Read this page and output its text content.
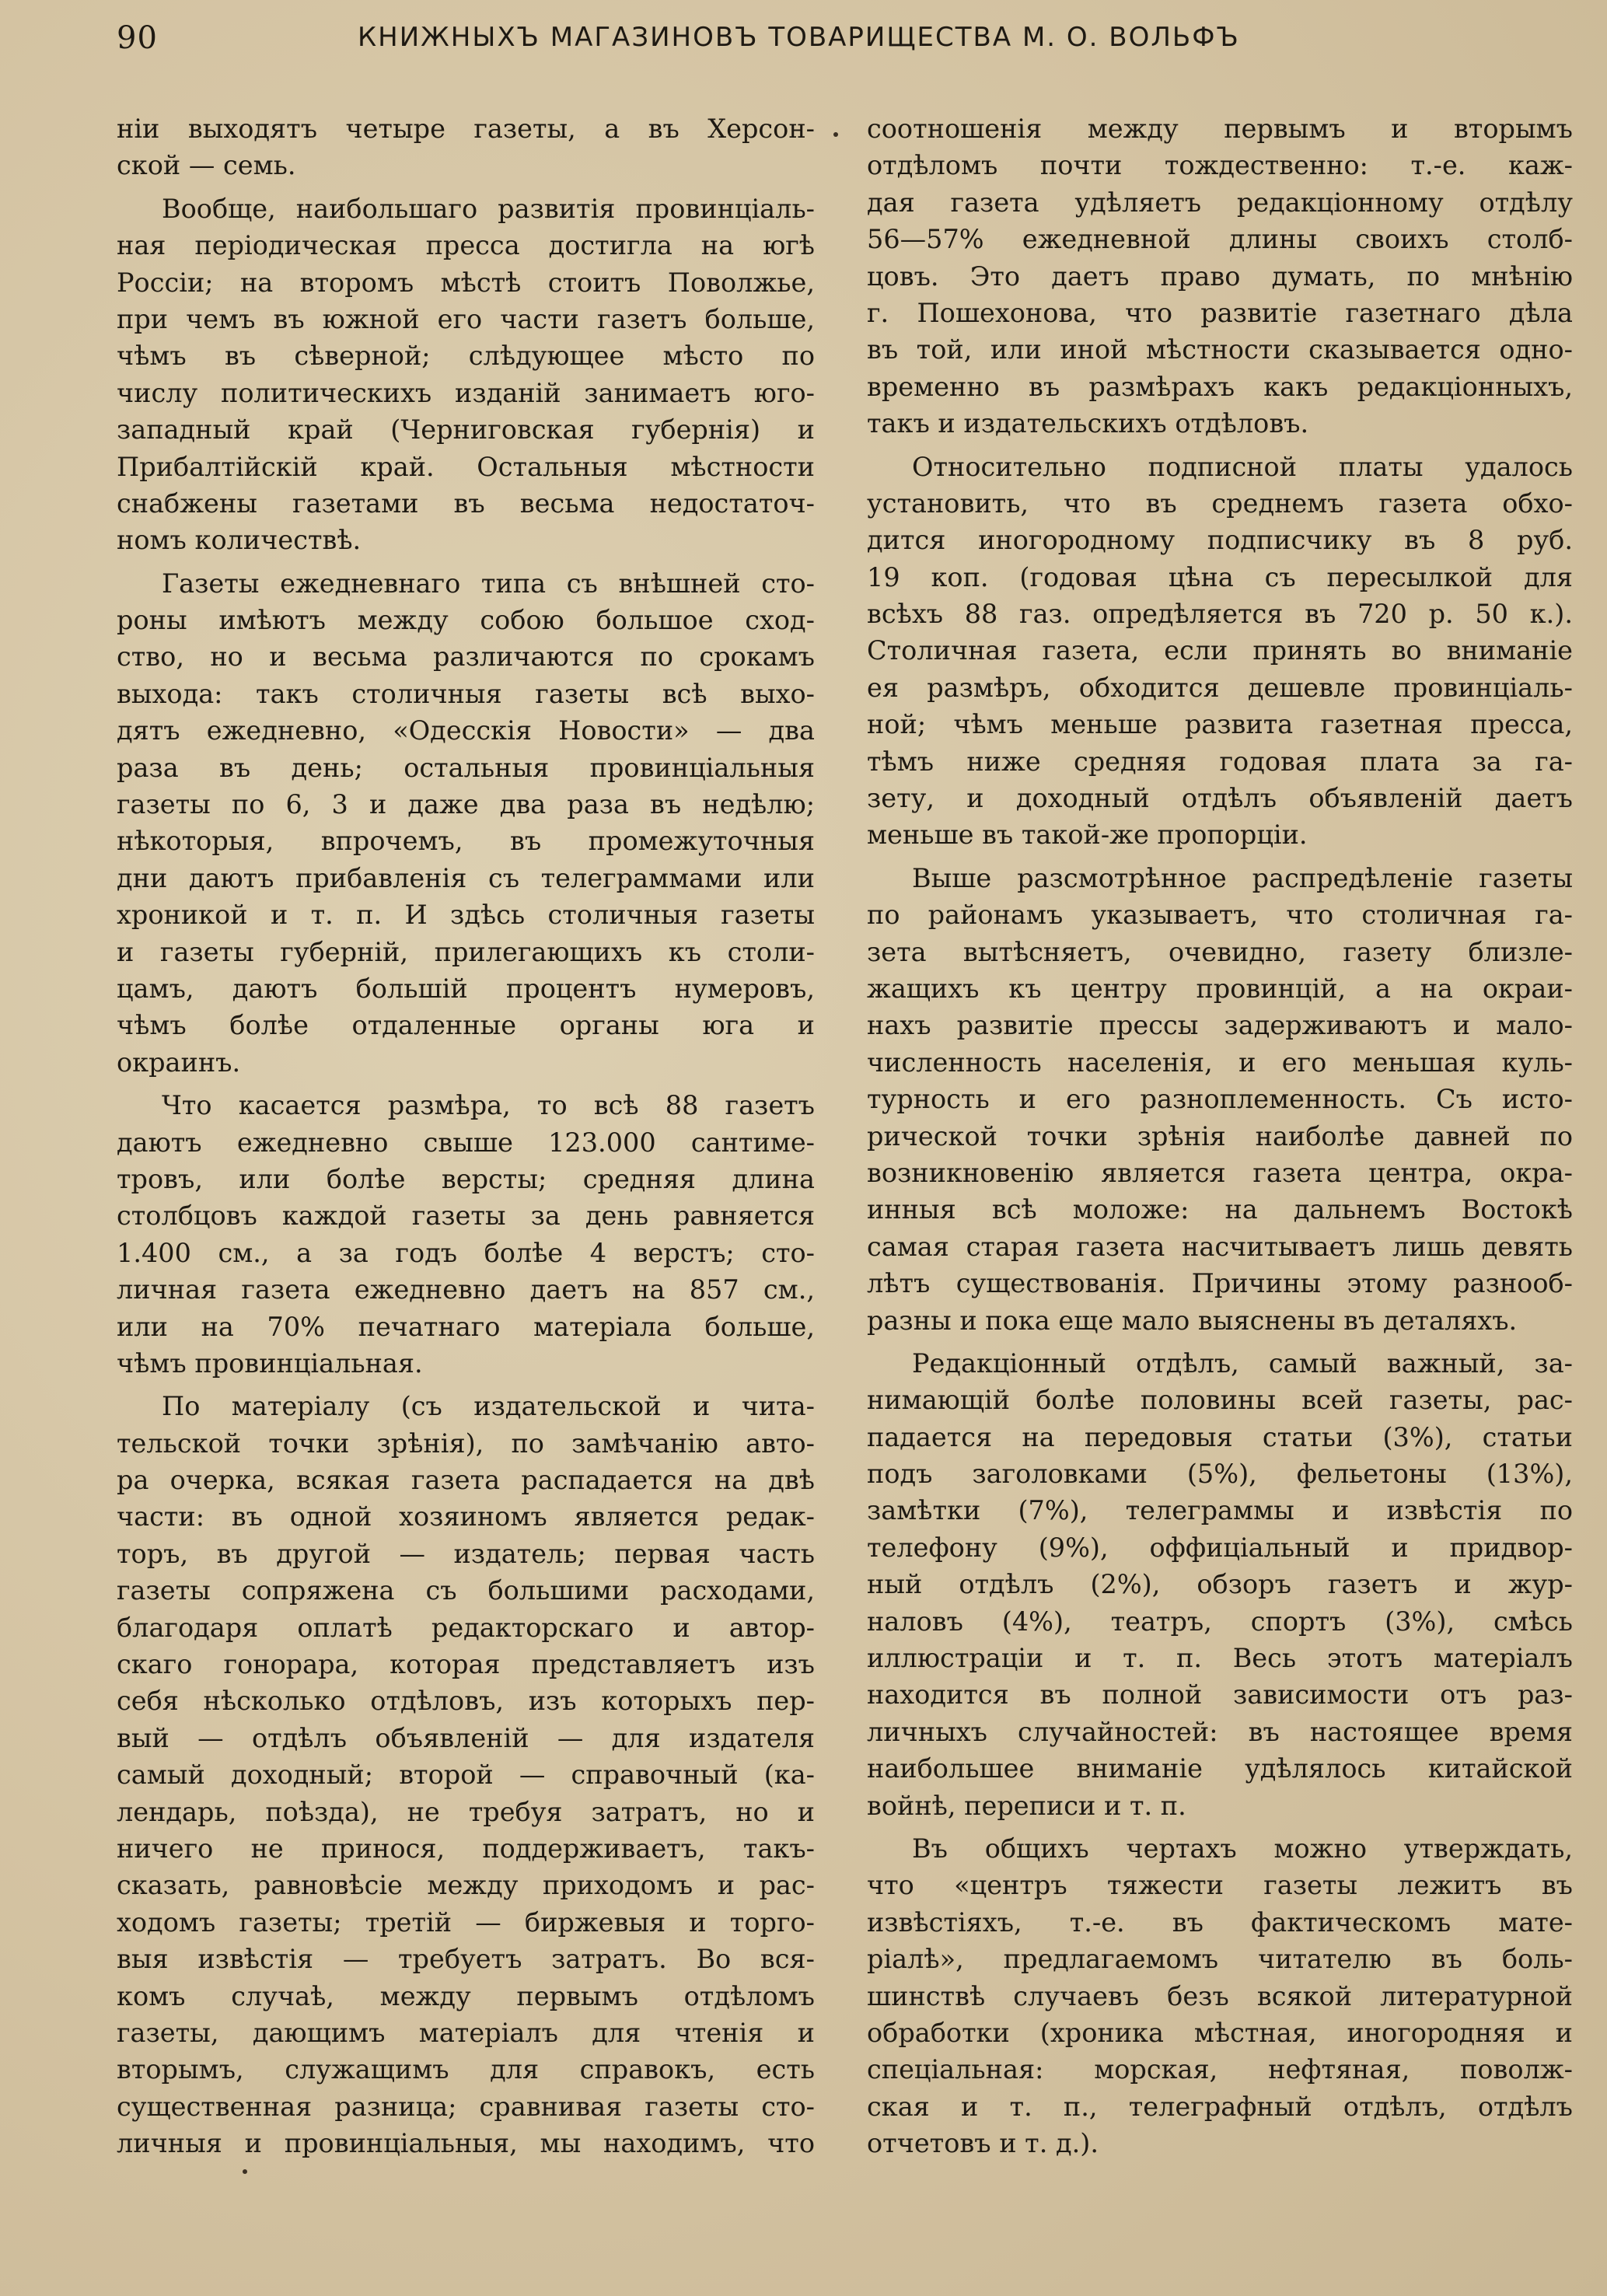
90	КНИЖНЫХЪ МАГАЗИНОВЪ ТОВАРИЩЕСТВА М. О. ВОЛЬФЪ
ніи выходятъ четыре газеты, а въ Херсон-
ской — семь.
Вообще, наибольшаго развитія провинціаль-
ная періодическая пресса достигла на югѣ
Россіи; на второмъ мѣстѣ стоитъ Поволжье,
при чемъ въ южной его части газетъ больше,
чѣмъ въ сѣверной; слѣдующее мѣсто по
числу политическихъ изданій занимаетъ юго-
западный край (Черниговская губернія) и
Прибалтійскій край. Остальныя мѣстности
снабжены газетами въ весьма недостаточ-
номъ количествѣ.
Газеты ежедневнаго типа съ внѣшней сто-
роны имѣютъ между собою большое сход-
ство, но и весьма различаются по срокамъ
выхода: такъ столичныя газеты всѣ выхо-
дятъ ежедневно, «Одесскія Новости» — два
раза въ день; остальныя провинціальныя
газеты по 6, 3 и даже два раза въ недѣлю;
нѣкоторыя, впрочемъ, въ промежуточныя
дни даютъ прибавленія съ телеграммами или
хроникой и т. п. И здѣсь столичныя газеты
и газеты губерній, прилегающихъ къ столи-
цамъ, даютъ большій процентъ нумеровъ,
чѣмъ болѣе отдаленные органы юга и
окраинъ.
Что касается размѣра, то всѣ 88 газетъ
даютъ ежедневно свыше 123.000 сантиме-
тровъ, или болѣе версты; средняя длина
столбцовъ каждой газеты за день равняется
1.400 см., а за годъ болѣе 4 верстъ; сто-
личная газета ежедневно даетъ на 857 см.,
или на 70% печатнаго матеріала больше,
чѣмъ провинціальная.
По матеріалу (съ издательской и чита-
тельской точки зрѣнія), по замѣчанію авто-
ра очерка, всякая газета распадается на двѣ
части: въ одной хозяиномъ является редак-
торъ, въ другой — издатель; первая часть
газеты сопряжена съ большими расходами,
благодаря оплатѣ редакторскаго и автор-
скаго гонорара, которая представляетъ изъ
себя нѣсколько отдѣловъ, изъ которыхъ пер-
вый — отдѣлъ объявленій — для издателя
самый доходный; второй — справочный (ка-
лендарь, поѣзда), не требуя затратъ, но и
ничего не принося, поддерживаетъ, такъ-
сказать, равновѣсіе между приходомъ и рас-
ходомъ газеты; третій — биржевыя и торго-
выя извѣстія — требуетъ затратъ. Во вся-
комъ случаѣ, между первымъ отдѣломъ
газеты, дающимъ матеріалъ для чтенія и
вторымъ, служащимъ для справокъ, есть
существенная разница; сравнивая газеты сто-
личныя и провинціальныя, мы находимъ, что
соотношенія между первымъ и вторымъ
отдѣломъ почти тождественно: т.-е. каж-
дая газета удѣляетъ редакціонному отдѣлу
56—57% ежедневной длины своихъ столб-
цовъ. Это даетъ право думать, по мнѣнію
г. Пошехонова, что развитіе газетнаго дѣла
въ той, или иной мѣстности сказывается одно-
временно въ размѣрахъ какъ редакціонныхъ,
такъ и издательскихъ отдѣловъ.
Относительно подписной платы удалось
установить, что въ среднемъ газета обхо-
дится иногородному подписчику въ 8 руб.
19 коп. (годовая цѣна съ пересылкой для
всѣхъ 88 газ. опредѣляется въ 720 р. 50 к.).
Столичная газета, если принять во вниманіе
ея размѣръ, обходится дешевле провинціаль-
ной; чѣмъ меньше развита газетная пресса,
тѣмъ ниже средняя годовая плата за га-
зету, и доходный отдѣлъ объявленій даетъ
меньше въ такой-же пропорціи.
Выше разсмотрѣнное распредѣленіе газеты
по районамъ указываетъ, что столичная га-
зета вытѣсняетъ, очевидно, газету близле-
жащихъ къ центру провинцій, а на окраи-
нахъ развитіе прессы задерживаютъ и мало-
численность населенія, и его меньшая куль-
турность и его разноплеменность. Съ исто-
рической точки зрѣнія наиболѣе давней по
возникновенію является газета центра, окра-
инныя всѣ моложе: на дальнемъ Востокѣ
самая старая газета насчитываетъ лишь девять
лѣтъ существованія. Причины этому разнооб-
разны и пока еще мало выяснены въ деталяхъ.
Редакціонный отдѣлъ, самый важный, за-
нимающій болѣе половины всей газеты, рас-
падается на передовыя статьи (3%), статьи
подъ заголовками (5%), фельетоны (13%),
замѣтки (7%), телеграммы и извѣстія по
телефону (9%), оффиціальный и придвор-
ный отдѣлъ (2%), обзоръ газетъ и жур-
наловъ (4%), театръ, спортъ (3%), смѣсь
иллюстраціи и т. п. Весь этотъ матеріалъ
находится въ полной зависимости отъ раз-
личныхъ случайностей: въ настоящее время
наибольшее вниманіе удѣлялось китайской
войнѣ, переписи и т. п.
Въ общихъ чертахъ можно утверждать,
что «центръ тяжести газеты лежитъ въ
извѣстіяхъ, т.-е. въ фактическомъ мате-
ріалѣ», предлагаемомъ читателю въ боль-
шинствѣ случаевъ безъ всякой литературной
обработки (хроника мѣстная, иногородняя и
спеціальная: морская, нефтяная, поволж-
ская и т. п., телеграфный отдѣлъ, отдѣлъ
отчетовъ и т. д.).
